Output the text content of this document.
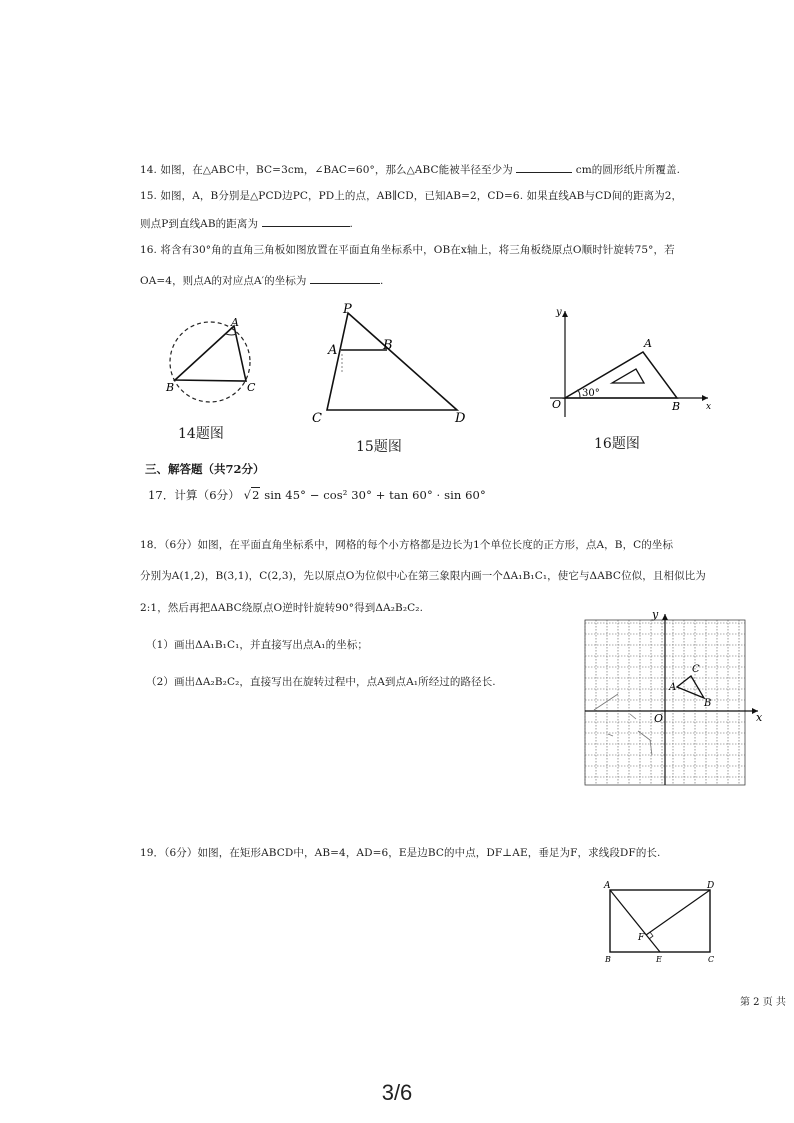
14. 如图，在△ABC中，BC=3cm，∠BAC=60°，那么△ABC能被半径至少为	cm的圆形纸片所覆盖.
15. 如图，A，B分别是△PCD边PC，PD上的点，AB∥CD，已知AB=2，CD=6. 如果直线AB与CD间的距离为2，
则点P到直线AB的距离为	.
16. 将含有30°角的直角三角板如图放置在平面直角坐标系中，OB在x轴上，将三角板绕原点O顺时针旋转75°，若
OA=4，则点A的对应点A′的坐标为	.
A
B	C
14题图
P
A	B
C	D
15题图
y
A
O	B	x
30°
16题图
三、解答题（共72分）
17．计算（6分） √2 sin 45° − cos² 30° + tan 60° · sin 60°
18．（6分）如图，在平面直角坐标系中，网格的每个小方格都是边长为1个单位长度的正方形，点A，B，C的坐标
分别为A(1,2)，B(3,1)，C(2,3)，先以原点O为位似中心在第三象限内画一个ΔA₁B₁C₁，使它与ΔABC位似，且相似比为
2:1，然后再把ΔABC绕原点O逆时针旋转90°得到ΔA₂B₂C₂.
（1）画出ΔA₁B₁C₁，并直接写出点A₁的坐标；
（2）画出ΔA₂B₂C₂，直接写出在旋转过程中，点A到点A₁所经过的路径长.
y
x
O
A
B
C
19．（6分）如图，在矩形ABCD中，AB=4，AD=6，E是边BC的中点，DF⊥AE，垂足为F，求线段DF的长.
A	D
F
B	E	C
第 2 页 共
3/6
